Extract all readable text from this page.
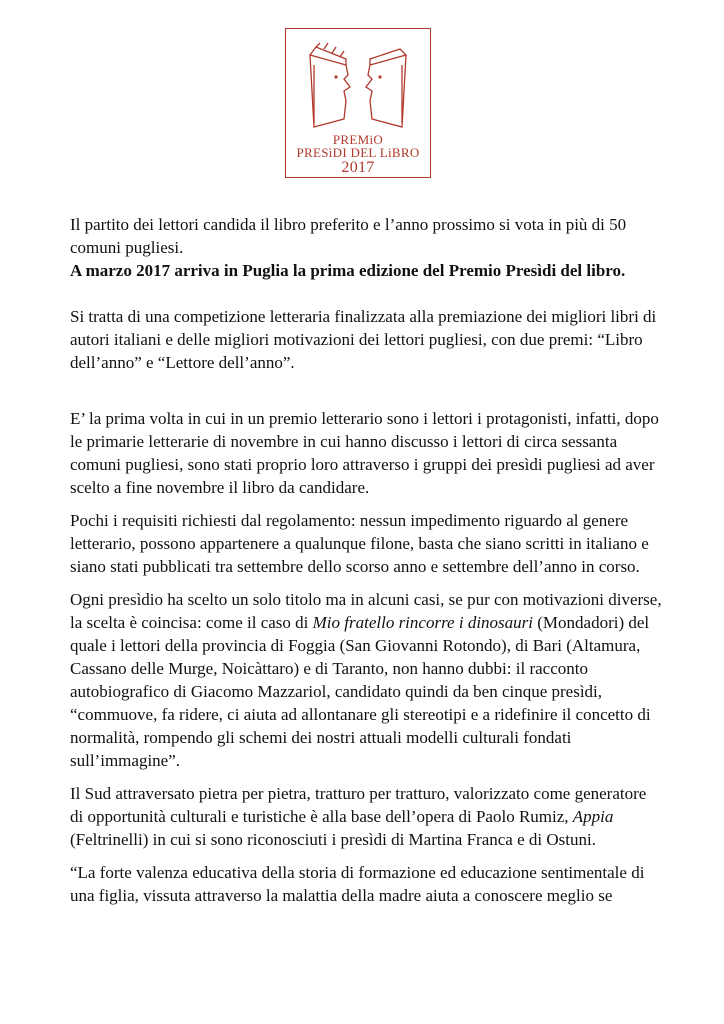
PREMiO
PRESìDI DEL LiBRO
2017

Il partito dei lettori candida il libro preferito e l’anno prossimo si vota in più di 50 comuni pugliesi.

A marzo 2017 arriva in Puglia la prima edizione del Premio Presìdi del libro.

Si tratta di una competizione letteraria finalizzata alla premiazione dei migliori libri di autori italiani e delle migliori motivazioni dei lettori pugliesi, con due premi: “Libro dell’anno” e “Lettore dell’anno”.

E’ la prima volta in cui in un premio letterario sono i lettori i protagonisti, infatti, dopo le primarie letterarie di novembre in cui hanno discusso i lettori di circa sessanta comuni pugliesi, sono stati proprio loro attraverso i gruppi dei presìdi pugliesi ad aver scelto a fine novembre il libro da candidare.

Pochi i requisiti richiesti dal regolamento: nessun impedimento riguardo al genere letterario, possono appartenere a qualunque filone, basta che siano scritti in italiano e siano stati pubblicati tra settembre dello scorso anno e settembre dell’anno in corso.

Ogni presìdio ha scelto un solo titolo ma in alcuni casi, se pur con motivazioni diverse, la scelta è coincisa: come il caso di Mio fratello rincorre i dinosauri (Mondadori) del quale i lettori della provincia di Foggia (San Giovanni Rotondo), di Bari (Altamura, Cassano delle Murge, Noicàttaro) e di Taranto, non hanno dubbi: il racconto autobiografico di Giacomo Mazzariol, candidato quindi da ben cinque presìdi, “commuove, fa ridere, ci aiuta ad allontanare gli stereotipi e a ridefinire il concetto di normalità, rompendo gli schemi dei nostri attuali modelli culturali fondati sull’immagine”.

Il Sud attraversato pietra per pietra, tratturo per tratturo, valorizzato come generatore di opportunità culturali e turistiche è alla base dell’opera di Paolo Rumiz, Appia (Feltrinelli) in cui si sono riconosciuti i presìdi di Martina Franca e di Ostuni.

“La forte valenza educativa della storia di formazione ed educazione sentimentale di una figlia, vissuta attraverso la malattia della madre aiuta a conoscere meglio se
